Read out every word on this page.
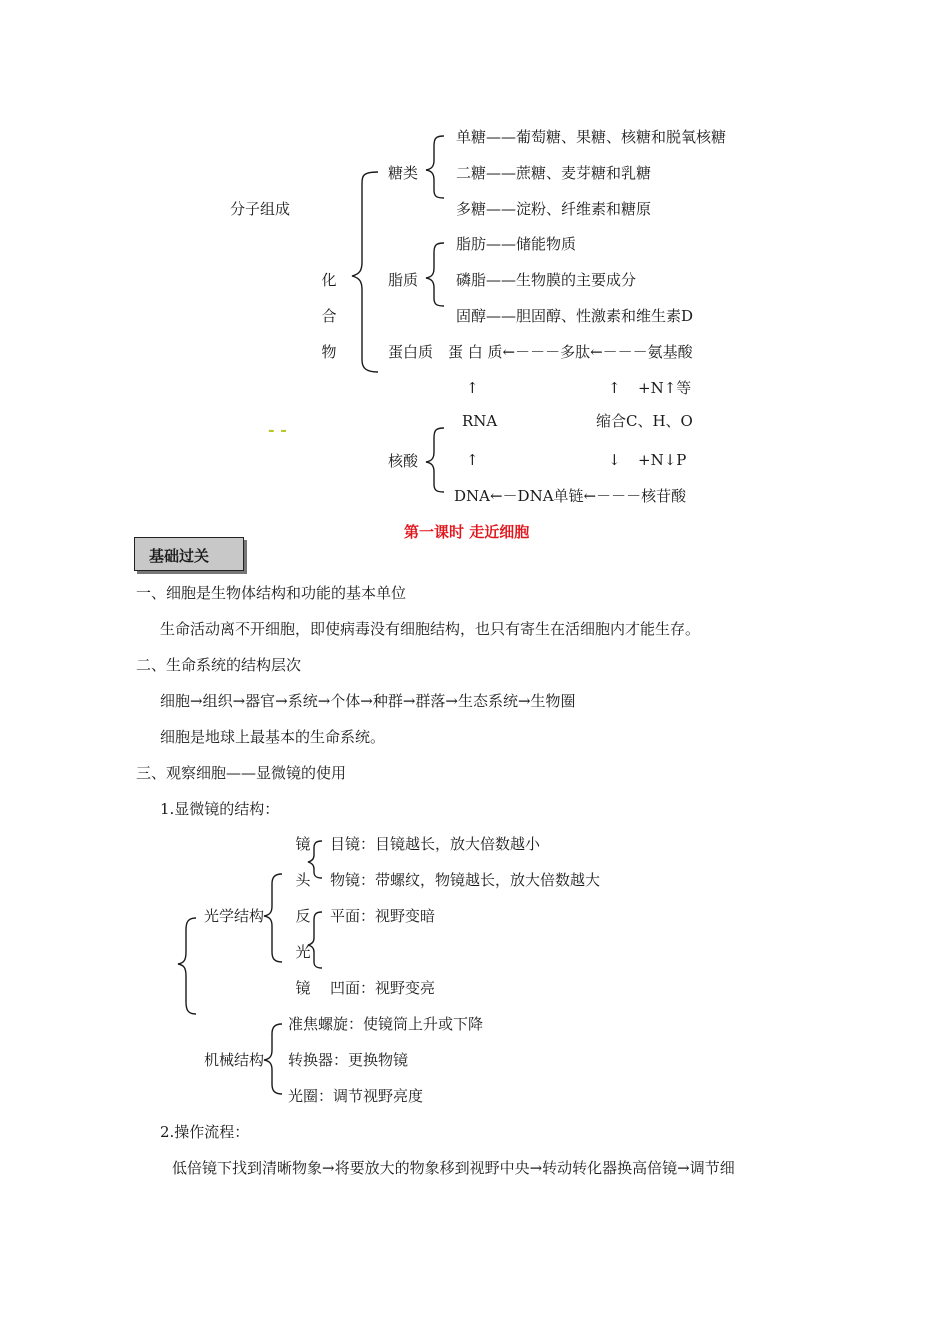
分子组成
化
合
物
糖类
单糖——葡萄糖、果糖、核糖和脱氧核糖
二糖——蔗糖、麦芽糖和乳糖
多糖——淀粉、纤维素和糖原
脂质
脂肪——储能物质
磷脂——生物膜的主要成分
固醇——胆固醇、性激素和维生素D
蛋白质 蛋 白 质←－－－多肽←－－－氨基酸
↑	↑ +N↑等
RNA	缩合C、H、O
核酸	↑	↓ +N↓P
DNA←－DNA单链←－－－核苷酸
- -
第一课时 走近细胞
基础过关
一、细胞是生物体结构和功能的基本单位
生命活动离不开细胞，即使病毒没有细胞结构，也只有寄生在活细胞内才能生存。
二、生命系统的结构层次
细胞→组织→器官→系统→个体→种群→群落→生态系统→生物圈
细胞是地球上最基本的生命系统。
三、观察细胞——显微镜的使用
1.显微镜的结构：
镜
头
目镜：目镜越长，放大倍数越小
物镜：带螺纹，物镜越长，放大倍数越大
光学结构 反
光
镜
平面：视野变暗
凹面：视野变亮
机械结构
准焦螺旋：使镜筒上升或下降
转换器：更换物镜
光圈：调节视野亮度
2.操作流程：
低倍镜下找到清晰物象→将要放大的物象移到视野中央→转动转化器换高倍镜→调节细
